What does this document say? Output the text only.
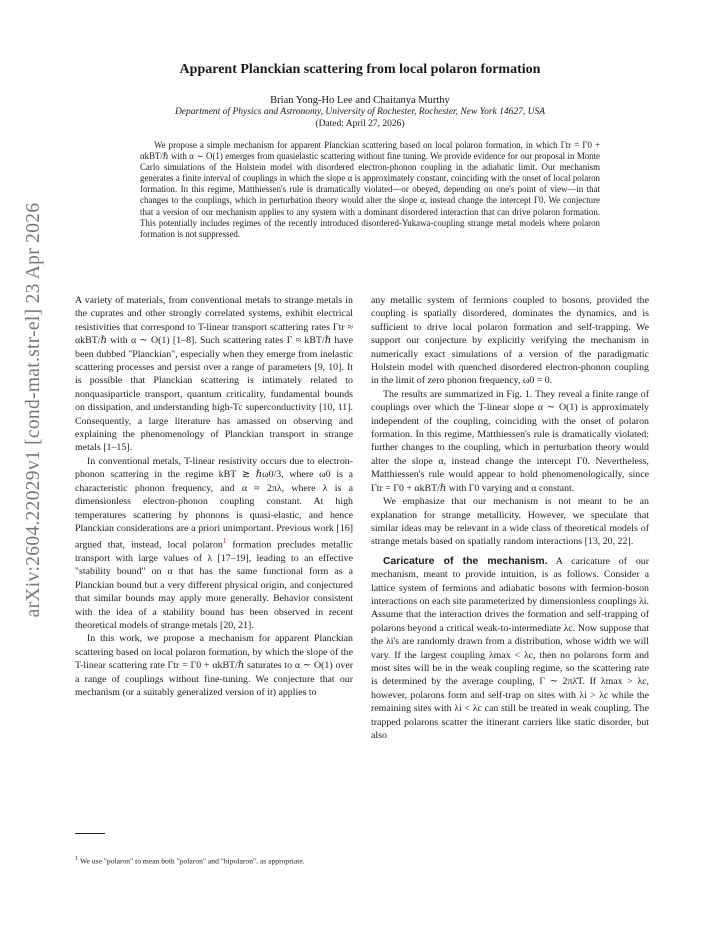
arXiv:2604.22029v1 [cond-mat.str-el] 23 Apr 2026
Apparent Planckian scattering from local polaron formation
Brian Yong-Ho Lee and Chaitanya Murthy
Department of Physics and Astronomy, University of Rochester, Rochester, New York 14627, USA
(Dated: April 27, 2026)
We propose a simple mechanism for apparent Planckian scattering based on local polaron formation, in which Γtr = Γ0 + αkBT/ℏ with α ∼ O(1) emerges from quasielastic scattering without fine tuning. We provide evidence for our proposal in Monte Carlo simulations of the Holstein model with disordered electron-phonon coupling in the adiabatic limit. Our mechanism generates a finite interval of couplings in which the slope α is approximately constant, coinciding with the onset of local polaron formation. In this regime, Matthiessen's rule is dramatically violated—or obeyed, depending on one's point of view—in that changes to the couplings, which in perturbation theory would alter the slope α, instead change the intercept Γ0. We conjecture that a version of our mechanism applies to any system with a dominant disordered interaction that can drive polaron formation. This potentially includes regimes of the recently introduced disordered-Yukawa-coupling strange metal models where polaron formation is not suppressed.

A variety of materials, from conventional metals to strange metals in the cuprates and other strongly correlated systems, exhibit electrical resistivities that correspond to T-linear transport scattering rates Γtr ≈ αkBT/ℏ with α ∼ O(1) [1–8]. Such scattering rates Γ ≈ kBT/ℏ have been dubbed "Planckian", especially when they emerge from inelastic scattering processes and persist over a range of parameters [9, 10]. It is possible that Planckian scattering is intimately related to nonquasiparticle transport, quantum criticality, fundamental bounds on dissipation, and understanding high-Tc superconductivity [10, 11]. Consequently, a large literature has amassed on observing and explaining the phenomenology of Planckian transport in strange metals [1–15].

In conventional metals, T-linear resistivity occurs due to electron-phonon scattering in the regime kBT ≳ ℏω0/3, where ω0 is a characteristic phonon frequency, and α ≈ 2πλ, where λ is a dimensionless electron-phonon coupling constant. At high temperatures scattering by phonons is quasi-elastic, and hence Planckian considerations are a priori unimportant. Previous work [16] argued that, instead, local polaron$^1$ formation precludes metallic transport with large values of λ [17–19], leading to an effective "stability bound" on α that has the same functional form as a Planckian bound but a very different physical origin, and conjectured that similar bounds may apply more generally. Behavior consistent with the idea of a stability bound has been observed in recent theoretical models of strange metals [20, 21].

In this work, we propose a mechanism for apparent Planckian scattering based on local polaron formation, by which the slope of the T-linear scattering rate Γtr = Γ0 + αkBT/ℏ saturates to α ∼ O(1) over a range of couplings without fine-tuning. We conjecture that our mechanism (or a suitably generalized version of it) applies to

$^1$ We use "polaron" to mean both "polaron" and "bipolaron", as appropriate.

any metallic system of fermions coupled to bosons, provided the coupling is spatially disordered, dominates the dynamics, and is sufficient to drive local polaron formation and self-trapping. We support our conjecture by explicitly verifying the mechanism in numerically exact simulations of a version of the paradigmatic Holstein model with quenched disordered electron-phonon coupling in the limit of zero phonon frequency, ω0 = 0.

The results are summarized in Fig. 1. They reveal a finite range of couplings over which the T-linear slope α ∼ O(1) is approximately independent of the coupling, coinciding with the onset of polaron formation. In this regime, Matthiessen's rule is dramatically violated: further changes to the coupling, which in perturbation theory would alter the slope α, instead change the intercept Γ0. Nevertheless, Matthiessen's rule would appear to hold phenomenologically, since Γtr = Γ0 + αkBT/ℏ with Γ0 varying and α constant.

We emphasize that our mechanism is not meant to be an explanation for strange metallicity. However, we speculate that similar ideas may be relevant in a wide class of theoretical models of strange metals based on spatially random interactions [13, 20, 22].

Caricature of the mechanism. A caricature of our mechanism, meant to provide intuition, is as follows. Consider a lattice system of fermions and adiabatic bosons with fermion-boson interactions on each site parameterized by dimensionless couplings λi. Assume that the interaction drives the formation and self-trapping of polarons beyond a critical weak-to-intermediate λc. Now suppose that the λi's are randomly drawn from a distribution, whose width we will vary. If the largest coupling λmax < λc, then no polarons form and most sites will be in the weak coupling regime, so the scattering rate is determined by the average coupling, Γ ∼ 2πλ̄T. If λmax > λc, however, polarons form and self-trap on sites with λi > λc while the remaining sites with λi < λc can still be treated in weak coupling. The trapped polarons scatter the itinerant carriers like static disorder, but also
